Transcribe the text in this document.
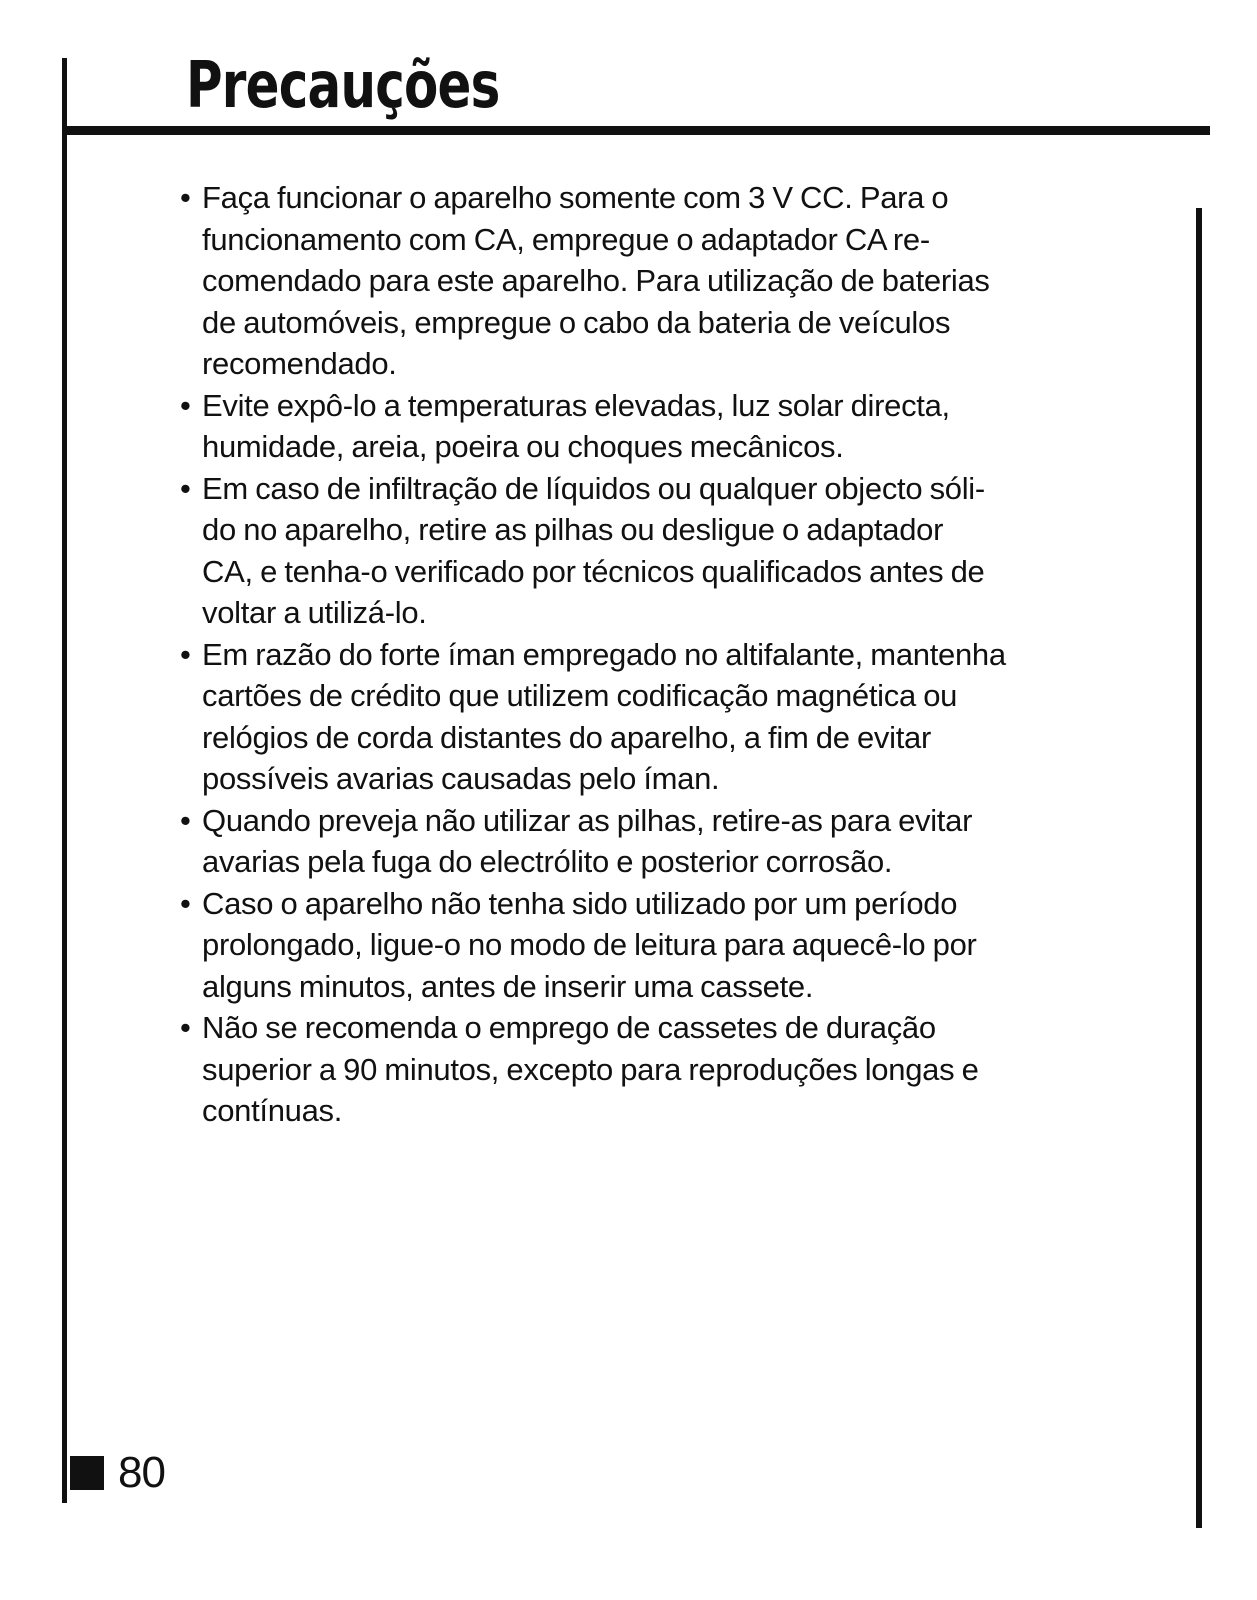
Precauções
• Faça funcionar o aparelho somente com 3 V CC. Para o
funcionamento com CA, empregue o adaptador CA re-
comendado para este aparelho. Para utilização de baterias
de automóveis, empregue o cabo da bateria de veículos
recomendado.
• Evite expô-lo a temperaturas elevadas, luz solar directa,
humidade, areia, poeira ou choques mecânicos.
• Em caso de infiltração de líquidos ou qualquer objecto sóli-
do no aparelho, retire as pilhas ou desligue o adaptador
CA, e tenha-o verificado por técnicos qualificados antes de
voltar a utilizá-lo.
• Em razão do forte íman empregado no altifalante, mantenha
cartões de crédito que utilizem codificação magnética ou
relógios de corda distantes do aparelho, a fim de evitar
possíveis avarias causadas pelo íman.
• Quando preveja não utilizar as pilhas, retire-as para evitar
avarias pela fuga do electrólito e posterior corrosão.
• Caso o aparelho não tenha sido utilizado por um período
prolongado, ligue-o no modo de leitura para aquecê-lo por
alguns minutos, antes de inserir uma cassete.
• Não se recomenda o emprego de cassetes de duração
superior a 90 minutos, excepto para reproduções longas e
contínuas.
80
